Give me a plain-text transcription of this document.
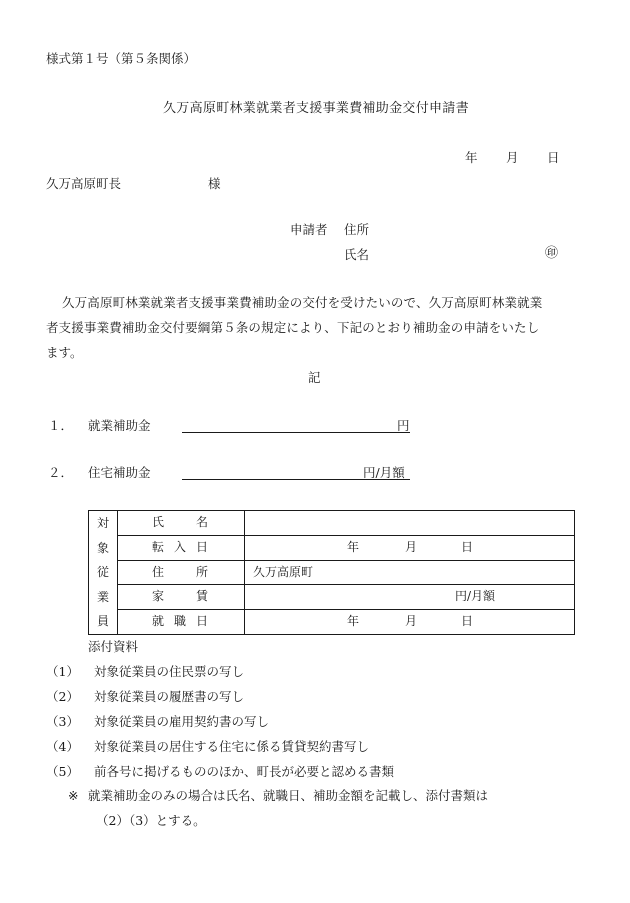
様式第１号（第５条関係）
久万高原町林業就業者支援事業費補助金交付申請書
年 月 日
久万高原町長	様
申請者 住所
氏名	㊞
久万高原町林業就業者支援事業費補助金の交付を受けたいので、久万高原町林業就業
者支援事業費補助金交付要綱第５条の規定により、下記のとおり補助金の申請をいたし
ます。
記
１． 就業補助金	円
２． 住宅補助金	円/月額
対
象
従
業
員	氏 名	

	転 入 日	年 月 日

	住 所	久万高原町

	家 賃	円/月額

	就 職 日	年 月 日
添付資料
（1） 対象従業員の住民票の写し
（2） 対象従業員の履歴書の写し
（3） 対象従業員の雇用契約書の写し
（4） 対象従業員の居住する住宅に係る賃貸契約書写し
（5） 前各号に掲げるもののほか、町長が必要と認める書類
※ 就業補助金のみの場合は氏名、就職日、補助金額を記載し、添付書類は
（2）（3）とする。
